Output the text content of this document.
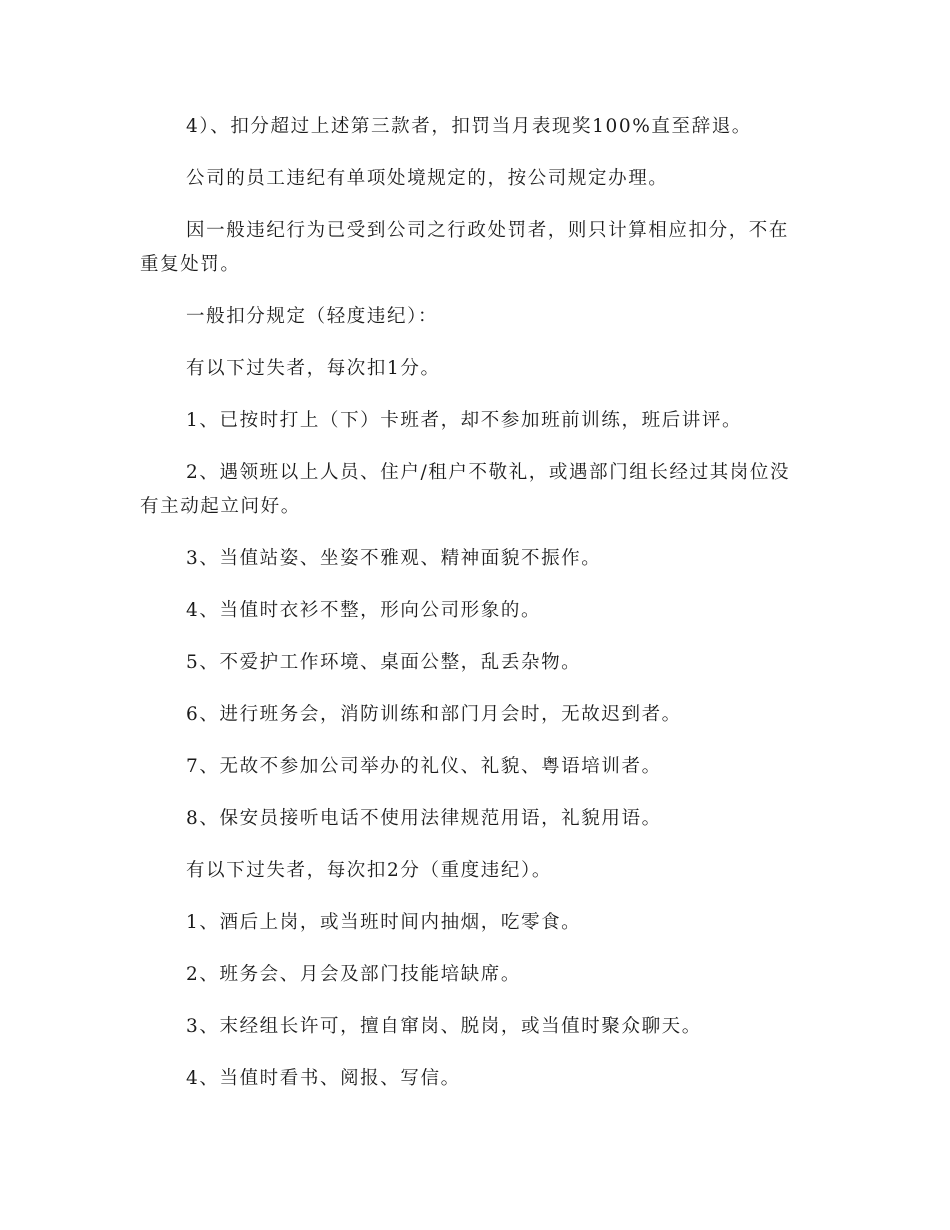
4）、扣分超过上述第三款者，扣罚当月表现奖100%直至辞退。

公司的员工违纪有单项处境规定的，按公司规定办理。

因一般违纪行为已受到公司之行政处罚者，则只计算相应扣分，不在重复处罚。

一般扣分规定（轻度违纪）：

有以下过失者，每次扣1分。

1、已按时打上（下）卡班者，却不参加班前训练，班后讲评。

2、遇领班以上人员、住户/租户不敬礼，或遇部门组长经过其岗位没有主动起立问好。

3、当值站姿、坐姿不雅观、精神面貌不振作。

4、当值时衣衫不整，形向公司形象的。

5、不爱护工作环境、桌面公整，乱丢杂物。

6、进行班务会，消防训练和部门月会时，无故迟到者。

7、无故不参加公司举办的礼仪、礼貌、粤语培训者。

8、保安员接听电话不使用法律规范用语，礼貌用语。

有以下过失者，每次扣2分（重度违纪）。

1、酒后上岗，或当班时间内抽烟，吃零食。

2、班务会、月会及部门技能培缺席。

3、末经组长许可，擅自窜岗、脱岗，或当值时聚众聊天。

4、当值时看书、阅报、写信。
